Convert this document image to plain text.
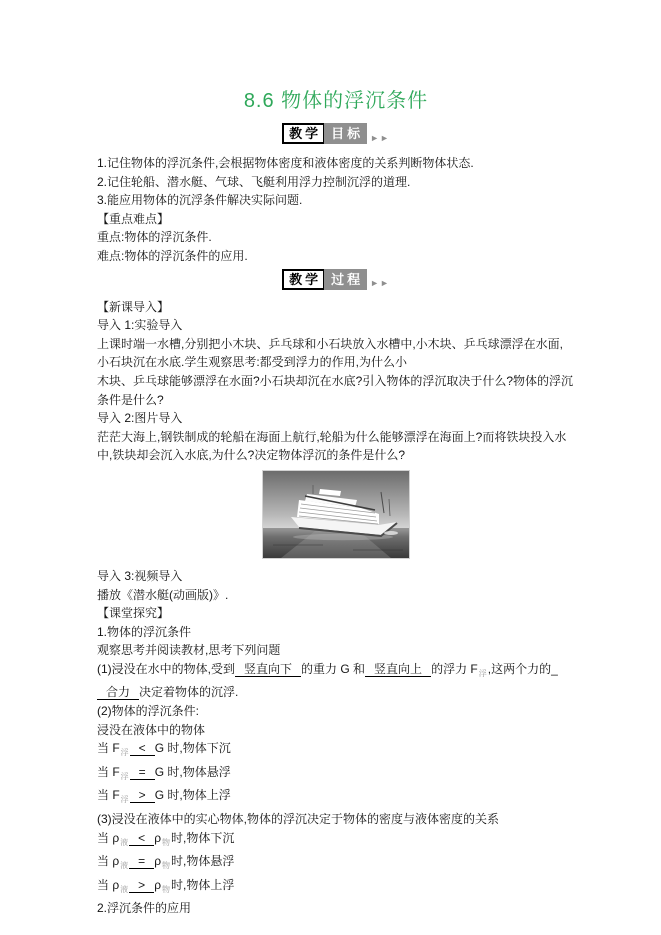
8.6 物体的浮沉条件
教学 目标 ►►
1.记住物体的浮沉条件,会根据物体密度和液体密度的关系判断物体状态.
2.记住轮船、潜水艇、气球、飞艇利用浮力控制沉浮的道理.
3.能应用物体的沉浮条件解决实际问题.
【重点难点】
重点:物体的浮沉条件.
难点:物体的浮沉条件的应用.
教学 过程 ►►
【新课导入】
导入 1:实验导入
上课时端一水槽,分别把小木块、乒乓球和小石块放入水槽中,小木块、乒乓球漂浮在水面,
小石块沉在水底.学生观察思考:都受到浮力的作用,为什么小
木块、乒乓球能够漂浮在水面?小石块却沉在水底?引入物体的浮沉取决于什么?物体的浮沉
条件是什么?
导入 2:图片导入
茫茫大海上,钢铁制成的轮船在海面上航行,轮船为什么能够漂浮在海面上?而将铁块投入水
中,铁块却会沉入水底,为什么?决定物体浮沉的条件是什么?
导入 3:视频导入
播放《潜水艇(动画版)》.
【课堂探究】
1.物体的浮沉条件
观察思考并阅读教材,思考下列问题
(1)浸没在水中的物体,受到 竖直向下 的重力 G 和 竖直向上 的浮力 $F_浮$,这两个力的_
合力 决定着物体的沉浮.
(2)物体的浮沉条件:
浸没在液体中的物体
当 $F_浮 < G$ 时,物体下沉
当 $F_浮 = G$ 时,物体悬浮
当 $F_浮 > G$ 时,物体上浮
(3)浸没在液体中的实心物体,物体的浮沉决定于物体的密度与液体密度的关系
当 $\rho_液 < \rho_物$时,物体下沉
当 $\rho_液 = \rho_物$时,物体悬浮
当 $\rho_液 > \rho_物$时,物体上浮
2.浮沉条件的应用
